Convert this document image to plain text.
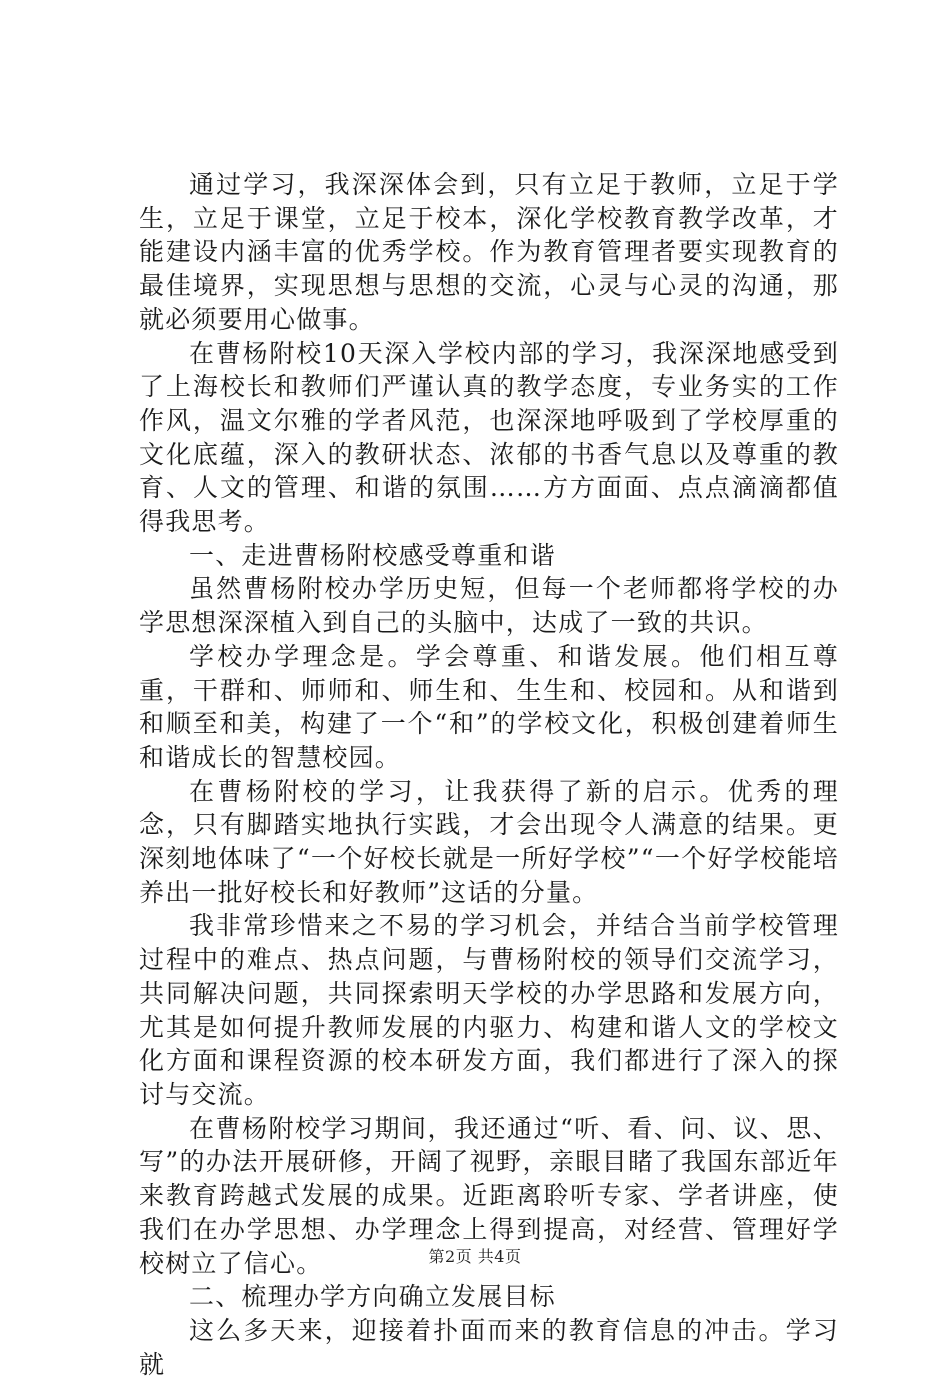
通过学习，我深深体会到，只有立足于教师，立足于学生，立足于课堂，立足于校本，深化学校教育教学改革，才能建设内涵丰富的优秀学校。作为教育管理者要实现教育的最佳境界，实现思想与思想的交流，心灵与心灵的沟通，那就必须要用心做事。

在曹杨附校10天深入学校内部的学习，我深深地感受到了上海校长和教师们严谨认真的教学态度，专业务实的工作作风，温文尔雅的学者风范，也深深地呼吸到了学校厚重的文化底蕴，深入的教研状态、浓郁的书香气息以及尊重的教育、人文的管理、和谐的氛围……方方面面、点点滴滴都值得我思考。

一、走进曹杨附校感受尊重和谐

虽然曹杨附校办学历史短，但每一个老师都将学校的办学思想深深植入到自己的头脑中，达成了一致的共识。

学校办学理念是。学会尊重、和谐发展。他们相互尊重，干群和、师师和、师生和、生生和、校园和。从和谐到和顺至和美，构建了一个“和”的学校文化，积极创建着师生和谐成长的智慧校园。

在曹杨附校的学习，让我获得了新的启示。优秀的理念，只有脚踏实地执行实践，才会出现令人满意的结果。更深刻地体味了“一个好校长就是一所好学校”“一个好学校能培养出一批好校长和好教师”这话的分量。

我非常珍惜来之不易的学习机会，并结合当前学校管理过程中的难点、热点问题，与曹杨附校的领导们交流学习，共同解决问题，共同探索明天学校的办学思路和发展方向，尤其是如何提升教师发展的内驱力、构建和谐人文的学校文化方面和课程资源的校本研发方面，我们都进行了深入的探讨与交流。

在曹杨附校学习期间，我还通过“听、看、问、议、思、写”的办法开展研修，开阔了视野，亲眼目睹了我国东部近年来教育跨越式发展的成果。近距离聆听专家、学者讲座，使我们在办学思想、办学理念上得到提高，对经营、管理好学校树立了信心。

二、梳理办学方向确立发展目标

这么多天来，迎接着扑面而来的教育信息的冲击。学习就

第2页 共4页
